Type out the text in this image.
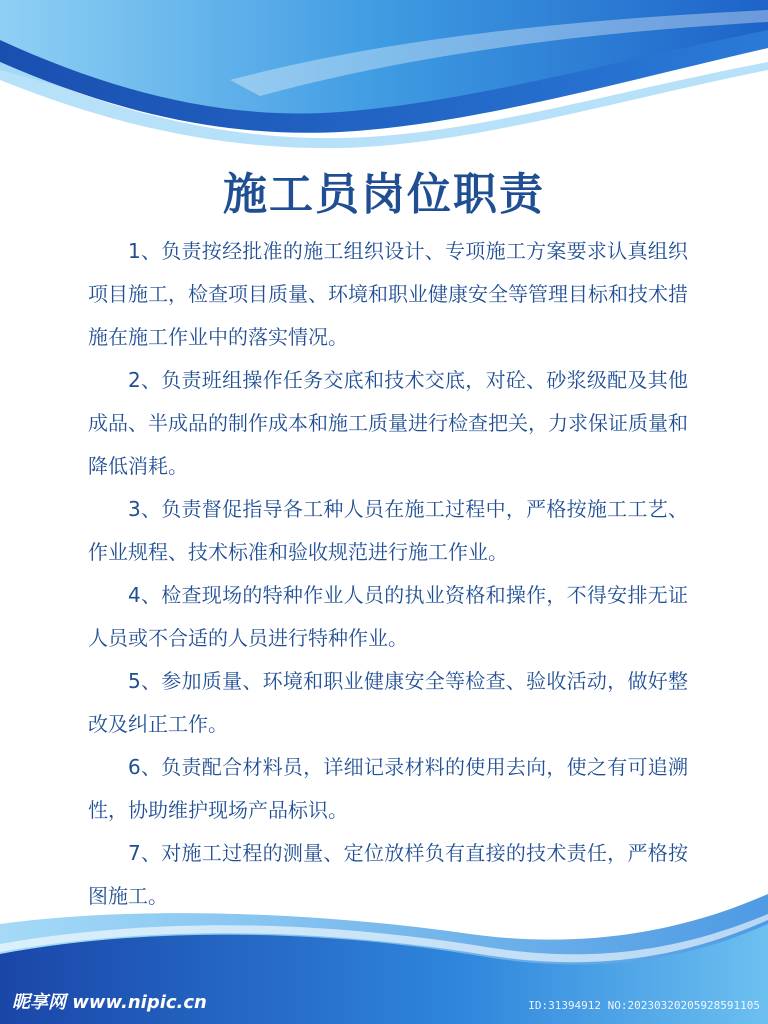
施工员岗位职责

1、负责按经批准的施工组织设计、专项施工方案要求认真组织项目施工，检查项目质量、环境和职业健康安全等管理目标和技术措施在施工作业中的落实情况。

2、负责班组操作任务交底和技术交底，对砼、砂浆级配及其他成品、半成品的制作成本和施工质量进行检查把关，力求保证质量和降低消耗。

3、负责督促指导各工种人员在施工过程中，严格按施工工艺、作业规程、技术标准和验收规范进行施工作业。

4、检查现场的特种作业人员的执业资格和操作，不得安排无证人员或不合适的人员进行特种作业。

5、参加质量、环境和职业健康安全等检查、验收活动，做好整改及纠正工作。

6、负责配合材料员，详细记录材料的使用去向，使之有可追溯性，协助维护现场产品标识。

7、对施工过程的测量、定位放样负有直接的技术责任，严格按图施工。

昵享网 www.nipic.cn	ID:31394912 NO:20230320205928591105
